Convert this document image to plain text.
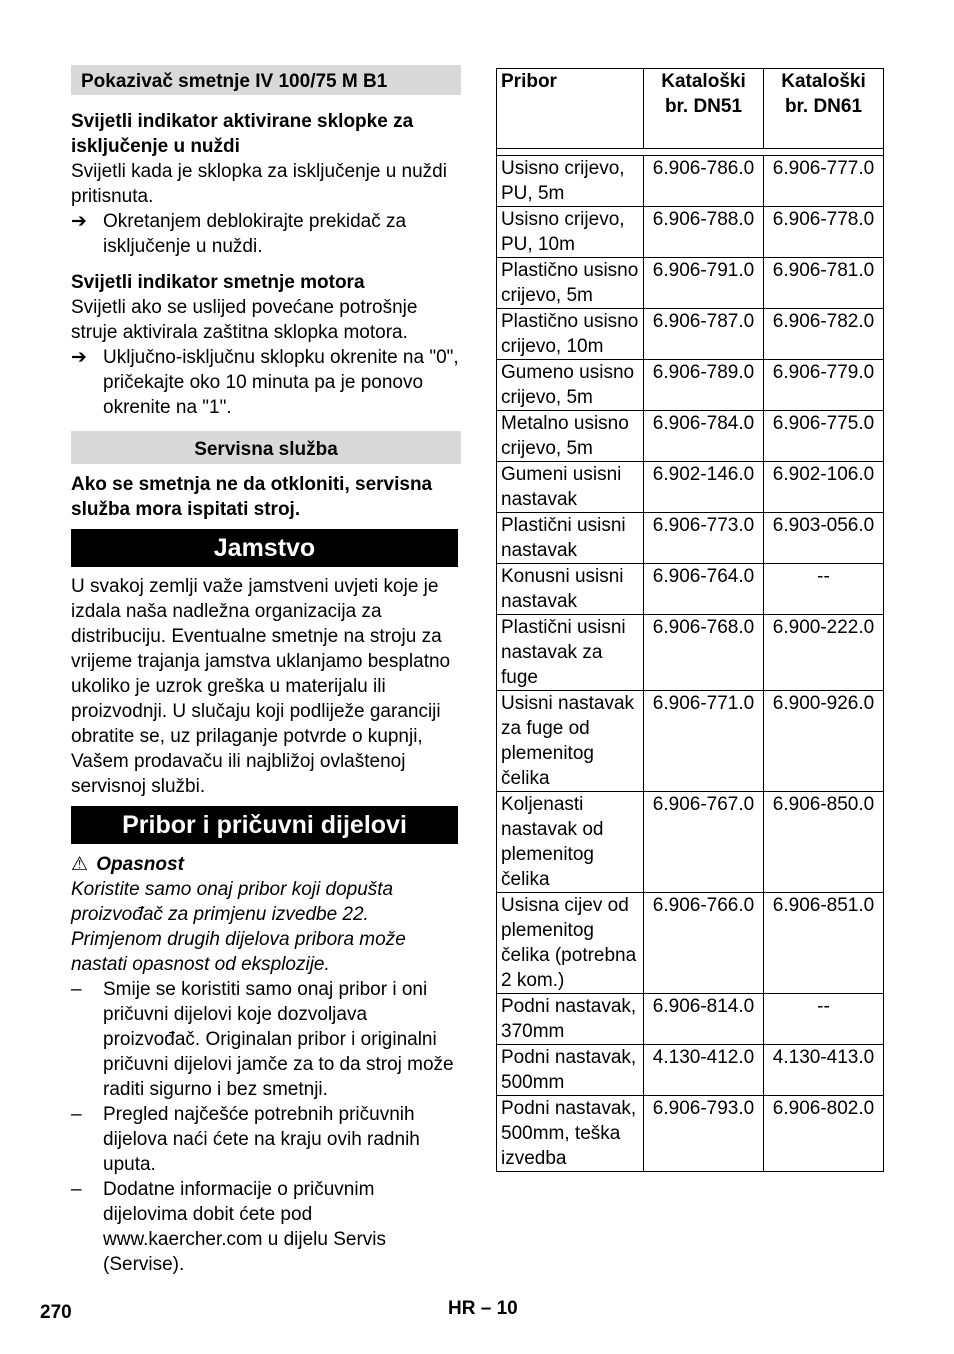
Pokazivač smetnje IV 100/75 M B1

Svijetli indikator aktivirane sklopke za isključenje u nuždi

Svijetli kada je sklopka za isključenje u nuždi pritisnuta.

➔ Okretanjem deblokirajte prekidač za isključenje u nuždi.

Svijetli indikator smetnje motora

Svijetli ako se uslijed povećane potrošnje struje aktivirala zaštitna sklopka motora.

➔ Uključno-isključnu sklopku okrenite na "0", pričekajte oko 10 minuta pa je ponovo okrenite na "1".
Servisna služba

Ako se smetnja ne da otkloniti, servisna služba mora ispitati stroj.

Jamstvo

U svakoj zemlji važe jamstveni uvjeti koje je izdala naša nadležna organizacija za distribuciju. Eventualne smetnje na stroju za vrijeme trajanja jamstva uklanjamo besplatno ukoliko je uzrok greška u materijalu ili proizvodnji. U slučaju koji podliježe garanciji obratite se, uz prilaganje potvrde o kupnji, Vašem prodavaču ili najbližoj ovlaštenoj servisnoj službi.

Pribor i pričuvni dijelovi

⚠ Opasnost

Koristite samo onaj pribor koji dopušta proizvođač za primjenu izvedbe 22. Primjenom drugih dijelova pribora može nastati opasnost od eksplozije.

–	Smije se koristiti samo onaj pribor i oni pričuvni dijelovi koje dozvoljava proizvođač. Originalan pribor i originalni pričuvni dijelovi jamče za to da stroj može raditi sigurno i bez smetnji.
–	Pregled najčešće potrebnih pričuvnih dijelova naći ćete na kraju ovih radnih uputa.
–	Dodatne informacije o pričuvnim dijelovima dobit ćete pod www.kaercher.com u dijelu Servis (Servise).
Pribor	Kataloški br. DN51	Kataloški br. DN61

Usisno crijevo, PU, 5m	6.906-786.0	6.906-777.0
Usisno crijevo, PU, 10m	6.906-788.0	6.906-778.0
Plastično usisno crijevo, 5m	6.906-791.0	6.906-781.0
Plastično usisno crijevo, 10m	6.906-787.0	6.906-782.0
Gumeno usisno crijevo, 5m	6.906-789.0	6.906-779.0
Metalno usisno crijevo, 5m	6.906-784.0	6.906-775.0
Gumeni usisni nastavak	6.902-146.0	6.902-106.0
Plastični usisni nastavak	6.906-773.0	6.903-056.0
Konusni usisni nastavak	6.906-764.0	--
Plastični usisni nastavak za fuge	6.906-768.0	6.900-222.0
Usisni nastavak za fuge od plemenitog čelika	6.906-771.0	6.900-926.0
Koljenasti nastavak od plemenitog čelika	6.906-767.0	6.906-850.0
Usisna cijev od plemenitog čelika (potrebna 2 kom.)	6.906-766.0	6.906-851.0
Podni nastavak, 370mm	6.906-814.0	--
Podni nastavak, 500mm	4.130-412.0	4.130-413.0
Podni nastavak, 500mm, teška izvedba	6.906-793.0	6.906-802.0
270	HR – 10
